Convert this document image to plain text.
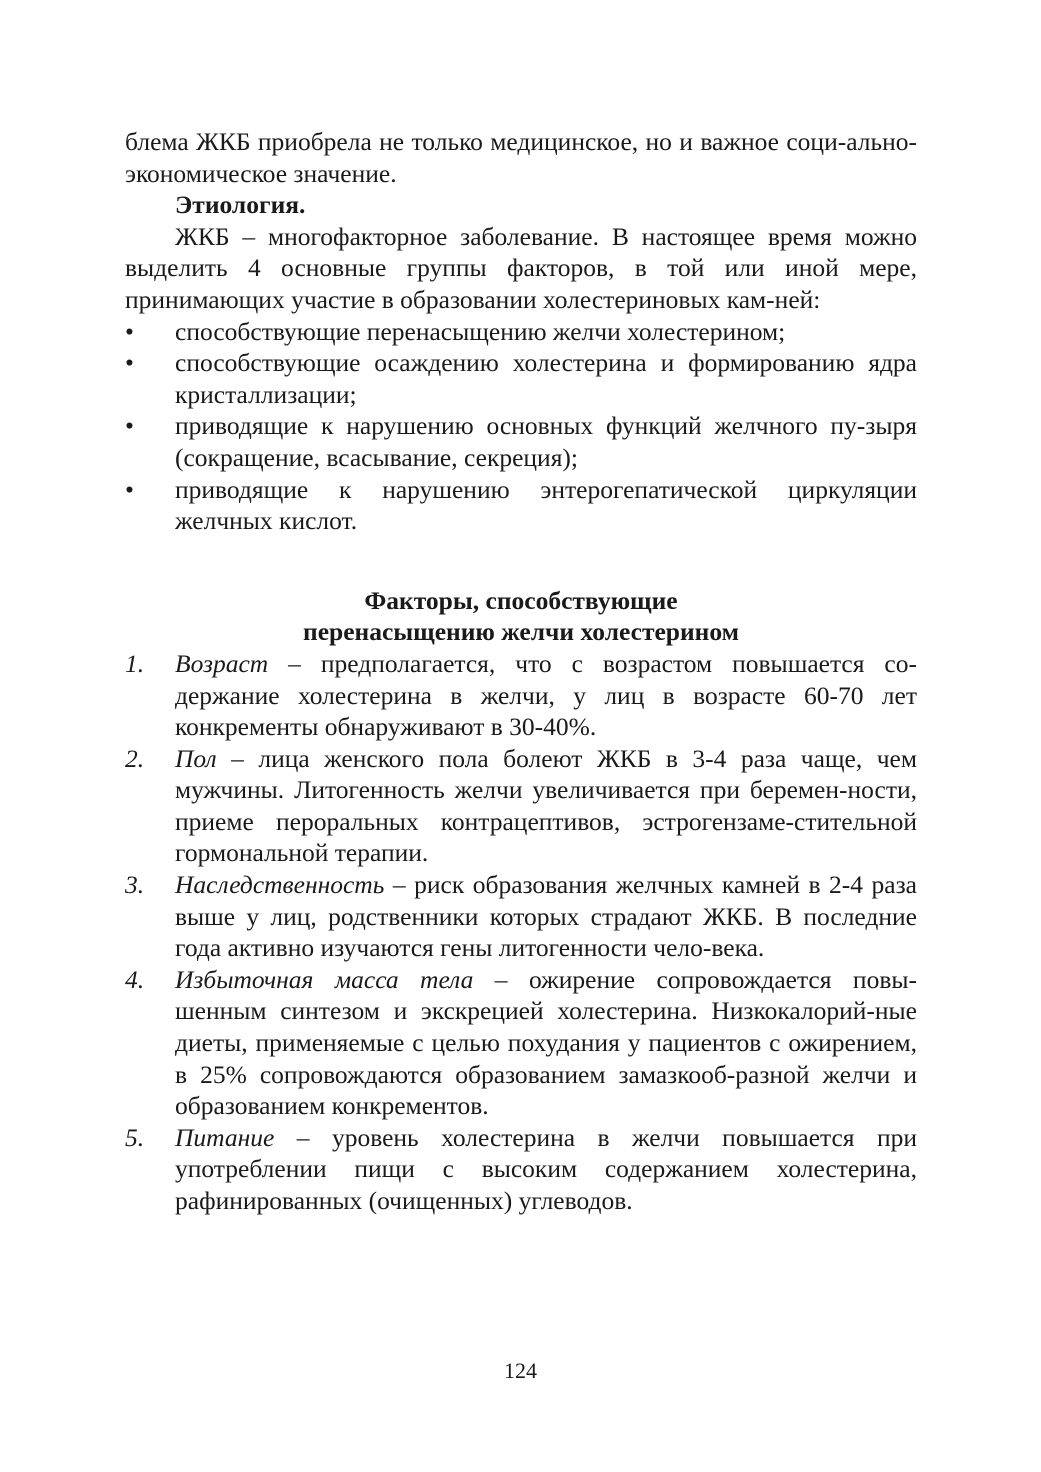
блема ЖКБ приобрела не только медицинское, но и важное соци-ально-экономическое значение.

Этиология.

ЖКБ – многофакторное заболевание. В настоящее время можно выделить 4 основные группы факторов, в той или иной мере, принимающих участие в образовании холестериновых кам-ней:

• способствующие перенасыщению желчи холестерином;
• способствующие осаждению холестерина и формированию ядра кристаллизации;
• приводящие к нарушению основных функций желчного пу-зыря (сокращение, всасывание, секреция);
• приводящие к нарушению энтерогепатической циркуляции желчных кислот.
Факторы, способствующие
перенасыщению желчи холестерином
1. Возраст – предполагается, что с возрастом повышается со-держание холестерина в желчи, у лиц в возрасте 60-70 лет конкременты обнаруживают в 30-40%.
2. Пол – лица женского пола болеют ЖКБ в 3-4 раза чаще, чем мужчины. Литогенность желчи увеличивается при беремен-ности, приеме пероральных контрацептивов, эстрогензаме-стительной гормональной терапии.
3. Наследственность – риск образования желчных камней в 2-4 раза выше у лиц, родственники которых страдают ЖКБ. В последние года активно изучаются гены литогенности чело-века.
4. Избыточная масса тела – ожирение сопровождается повы-шенным синтезом и экскрецией холестерина. Низкокалорий-ные диеты, применяемые с целью похудания у пациентов с ожирением, в 25% сопровождаются образованием замазкооб-разной желчи и образованием конкрементов.
5. Питание – уровень холестерина в желчи повышается при употреблении пищи с высоким содержанием холестерина, рафинированных (очищенных) углеводов.
124
